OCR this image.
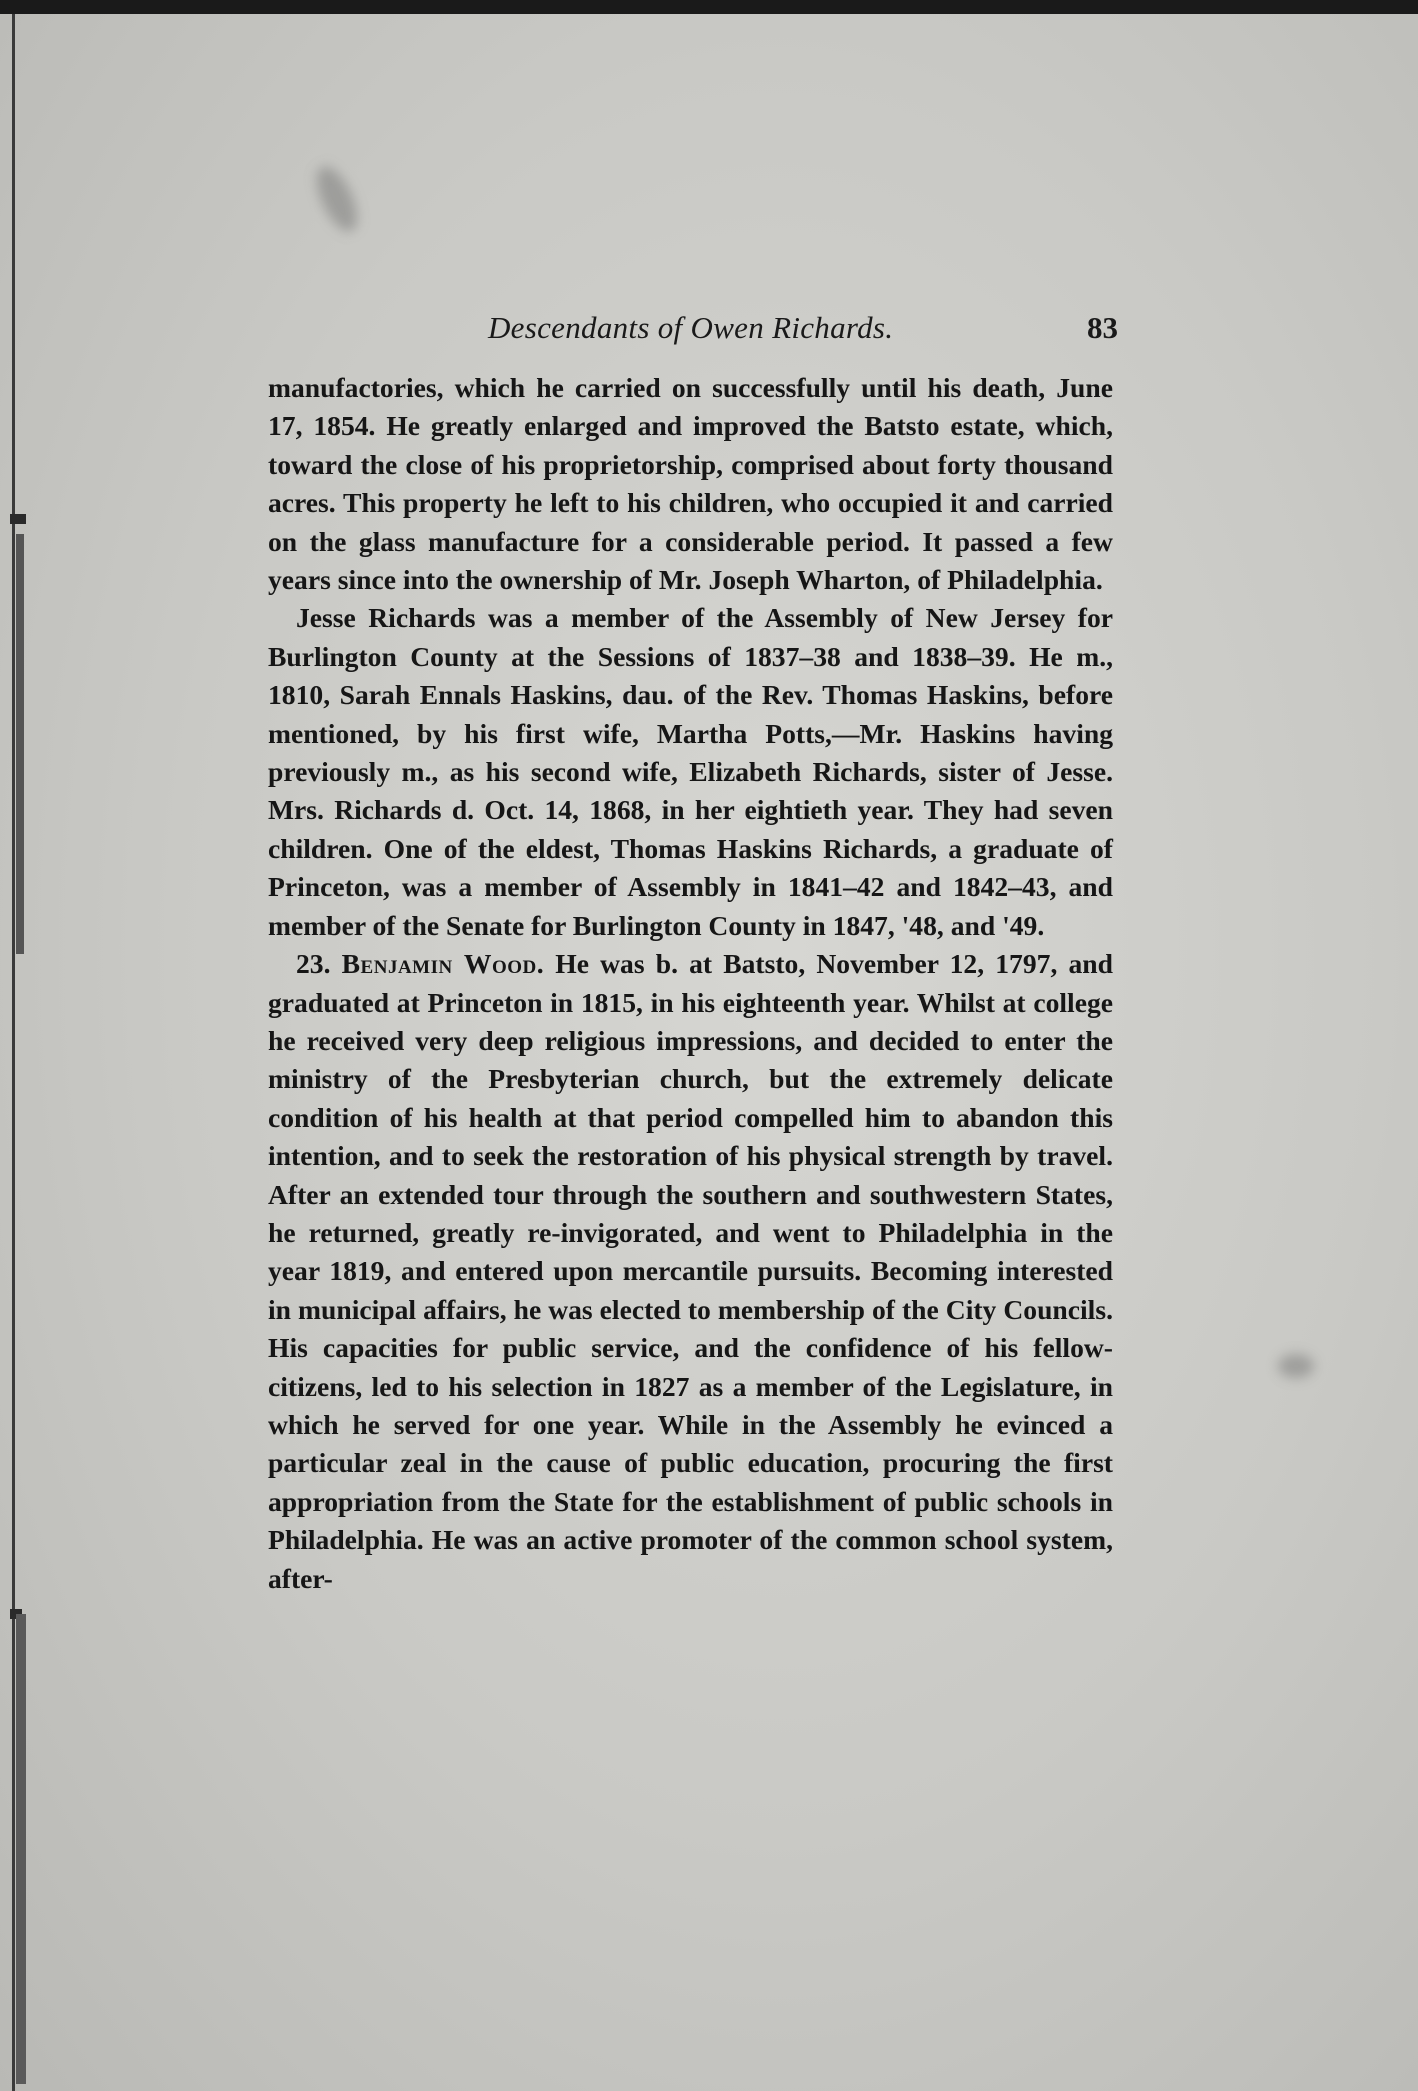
Descendants of Owen Richards.	83

manufactories, which he carried on successfully until his death, June 17, 1854. He greatly enlarged and improved the Batsto estate, which, toward the close of his proprietorship, comprised about forty thousand acres. This property he left to his children, who occupied it and carried on the glass manufacture for a considerable period. It passed a few years since into the ownership of Mr. Joseph Wharton, of Philadelphia.

Jesse Richards was a member of the Assembly of New Jersey for Burlington County at the Sessions of 1837–38 and 1838–39. He m., 1810, Sarah Ennals Haskins, dau. of the Rev. Thomas Haskins, before mentioned, by his first wife, Martha Potts,—Mr. Haskins having previously m., as his second wife, Elizabeth Richards, sister of Jesse. Mrs. Richards d. Oct. 14, 1868, in her eightieth year. They had seven children. One of the eldest, Thomas Haskins Richards, a graduate of Princeton, was a member of Assembly in 1841–42 and 1842–43, and member of the Senate for Burlington County in 1847, '48, and '49.

23. Benjamin Wood. He was b. at Batsto, November 12, 1797, and graduated at Princeton in 1815, in his eighteenth year. Whilst at college he received very deep religious impressions, and decided to enter the ministry of the Presbyterian church, but the extremely delicate condition of his health at that period compelled him to abandon this intention, and to seek the restoration of his physical strength by travel. After an extended tour through the southern and southwestern States, he returned, greatly re-invigorated, and went to Philadelphia in the year 1819, and entered upon mercantile pursuits. Becoming interested in municipal affairs, he was elected to membership of the City Councils. His capacities for public service, and the confidence of his fellow-citizens, led to his selection in 1827 as a member of the Legislature, in which he served for one year. While in the Assembly he evinced a particular zeal in the cause of public education, procuring the first appropriation from the State for the establishment of public schools in Philadelphia. He was an active promoter of the common school system, after-
